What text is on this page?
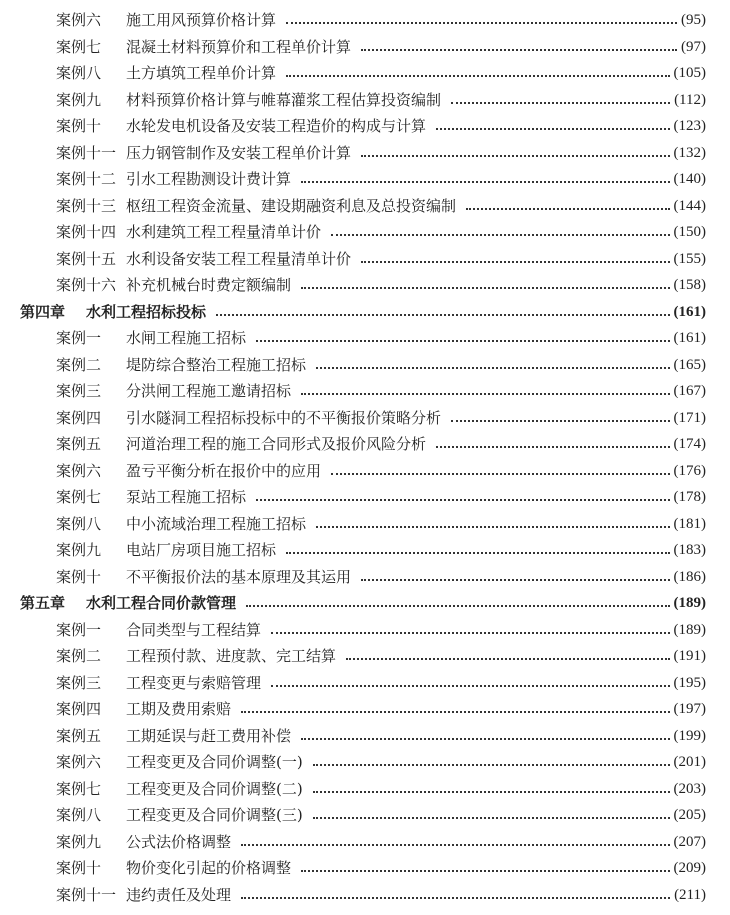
案例六	施工用风预算价格计算	(95)
案例七	混凝土材料预算价和工程单价计算	(97)
案例八	土方填筑工程单价计算	(105)
案例九	材料预算价格计算与帷幕灌浆工程估算投资编制	(112)
案例十	水轮发电机设备及安装工程造价的构成与计算	(123)
案例十一 压力钢管制作及安装工程单价计算	(132)
案例十二 引水工程勘测设计费计算	(140)
案例十三 枢纽工程资金流量、建设期融资利息及总投资编制	(144)
案例十四 水利建筑工程工程量清单计价	(150)
案例十五 水利设备安装工程工程量清单计价	(155)
案例十六 补充机械台时费定额编制	(158)
第四章	水利工程招标投标	(161)
案例一	水闸工程施工招标	(161)
案例二	堤防综合整治工程施工招标	(165)
案例三	分洪闸工程施工邀请招标	(167)
案例四	引水隧洞工程招标投标中的不平衡报价策略分析	(171)
案例五	河道治理工程的施工合同形式及报价风险分析	(174)
案例六	盈亏平衡分析在报价中的应用	(176)
案例七	泵站工程施工招标	(178)
案例八	中小流域治理工程施工招标	(181)
案例九	电站厂房项目施工招标	(183)
案例十	不平衡报价法的基本原理及其运用	(186)
第五章	水利工程合同价款管理	(189)
案例一	合同类型与工程结算	(189)
案例二	工程预付款、进度款、完工结算	(191)
案例三	工程变更与索赔管理	(195)
案例四	工期及费用索赔	(197)
案例五	工期延误与赶工费用补偿	(199)
案例六	工程变更及合同价调整(一)	(201)
案例七	工程变更及合同价调整(二)	(203)
案例八	工程变更及合同价调整(三)	(205)
案例九	公式法价格调整	(207)
案例十	物价变化引起的价格调整	(209)
案例十一 违约责任及处理	(211)
